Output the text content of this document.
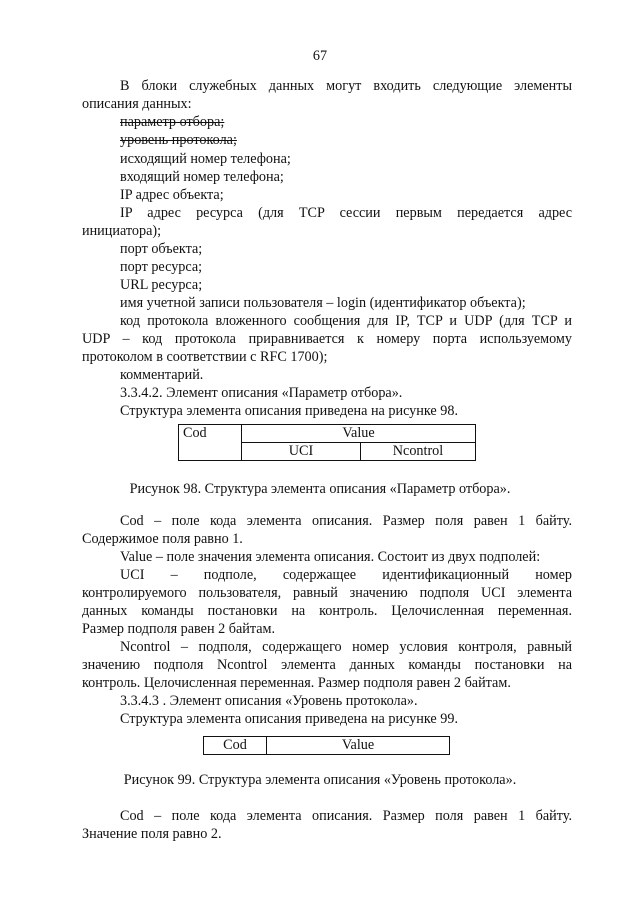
67
В блоки служебных данных могут входить следующие элементы
описания данных:
параметр отбора;
уровень протокола;
исходящий номер телефона;
входящий номер телефона;
IP адрес объекта;
IP адрес ресурса (для TCP сессии первым передается адрес
инициатора);
порт объекта;
порт ресурса;
URL ресурса;
имя учетной записи пользователя – login (идентификатор объекта);
код протокола вложенного сообщения для IP, TCP и UDP (для TCP и
UDP – код протокола приравнивается к номеру порта используемому
протоколом в соответствии с RFC 1700);
комментарий.
3.3.4.2. Элемент описания «Параметр отбора».
Структура элемента описания приведена на рисунке 98.
Cod	Value	
	UCI	Ncontrol
Рисунок 98. Структура элемента описания «Параметр отбора».
Cod – поле кода элемента описания. Размер поля равен 1 байту.
Содержимое поля равно 1.
Value – поле значения элемента описания. Состоит из двух подполей:
UCI – подполе, содержащее идентификационный номер
контролируемого пользователя, равный значению подполя UCI элемента
данных команды постановки на контроль. Целочисленная переменная.
Размер подполя равен 2 байтам.
Ncontrol – подполя, содержащего номер условия контроля, равный
значению подполя Ncontrol элемента данных команды постановки на
контроль. Целочисленная переменная. Размер подполя равен 2 байтам.
3.3.4.3 . Элемент описания «Уровень протокола».
Структура элемента описания приведена на рисунке 99.
Cod	Value
Рисунок 99. Структура элемента описания «Уровень протокола».
Cod – поле кода элемента описания. Размер поля равен 1 байту.
Значение поля равно 2.
